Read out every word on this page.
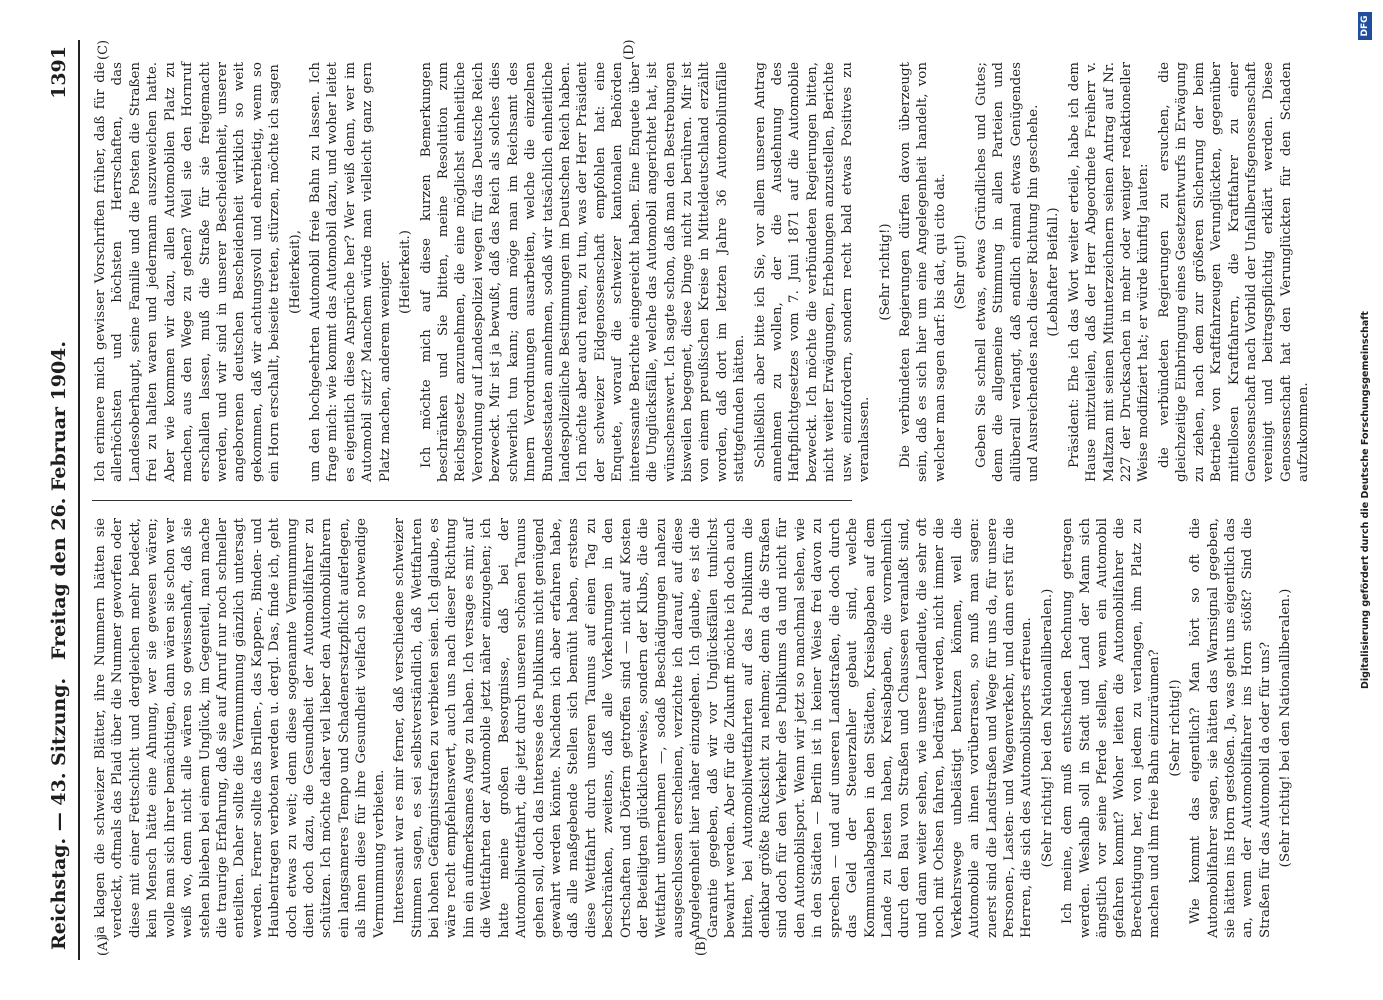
Reichstag. — 43. Sitzung.
Freitag den 26. Februar 1904.
1391
(A)	(B)
(C)	(D)

ja klagen die schweizer Blätter, ihre Nummern hätten sie verdeckt, oftmals das Plaid über die Nummer geworfen oder diese mit einer Fettschicht und dergleichen mehr bedeckt, kein Mensch hätte eine Ahnung, wer sie gewesen wären; wolle man sich ihrer bemächtigen, dann wären sie schon wer weiß wo, denn nicht alle wären so gewissenhaft, daß sie stehen blieben bei einem Unglück, im Gegenteil, man mache die traurige Erfahrung, daß sie auf Anruf nur noch schneller enteilten. Daher sollte die Vermummung gänzlich untersagt werden. Ferner sollte das Brillen-, das Kappen-, Binden- und Haubentragen verboten werden u. dergl. Das, finde ich, geht doch etwas zu weit; denn diese sogenannte Vermummung dient doch dazu, die Gesundheit der Automobilfahrer zu schützen. Ich möchte daher viel lieber den Automobilfahrern ein langsameres Tempo und Schadenersatzpflicht auferlegen, als ihnen diese für ihre Gesundheit vielfach so notwendige Vermummung verbieten. Interessant war es mir ferner, daß verschiedene schweizer Stimmen sagen, es sei selbstverständlich, daß Wettfahrten bei hohen Gefängnisstrafen zu verbieten seien. Ich glaube, es wäre recht empfehlenswert, auch uns nach dieser Richtung hin ein aufmerksames Auge zu haben. Ich versage es mir, auf die Wettfahrten der Automobile jetzt näher einzugehen; ich hatte meine großen Besorgnisse, daß bei der Automobilwettfahrt, die jetzt durch unseren schönen Taunus gehen soll, doch das Interesse des Publikums nicht genügend gewahrt werden könnte. Nachdem ich aber erfahren habe, daß alle maßgebende Stellen sich bemüht haben, erstens diese Wettfahrt durch unseren Taunus auf einen Tag zu beschränken, zweitens, daß alle Vorkehrungen in den Ortschaften und Dörfern getroffen sind — nicht auf Kosten der Beteiligten glücklicherweise, sondern der Klubs, die die Wettfahrt unternehmen —, sodaß Beschädigungen nahezu ausgeschlossen erscheinen, verzichte ich darauf, auf diese Angelegenheit hier näher einzugehen. Ich glaube, es ist die Garantie gegeben, daß wir vor Unglücksfällen tunlichst bewahrt werden. Aber für die Zukunft möchte ich doch auch bitten, bei Automobilwettfahrten auf das Publikum die denkbar größte Rücksicht zu nehmen; denn da die Straßen sind doch für den Verkehr des Publikums da und nicht für den Automobilsport. Wenn wir jetzt so manchmal sehen, wie in den Städten — Berlin ist in keiner Weise frei davon zu sprechen — und auf unseren Landstraßen, die doch durch das Geld der Steuerzahler gebaut sind, welche Kommunalabgaben in den Städten, Kreisabgaben auf dem Lande zu leisten haben, Kreisabgaben, die vornehmlich durch den Bau von Straßen und Chausseen veranlaßt sind, und dann weiter sehen, wie unsere Landleute, die sehr oft noch mit Ochsen fahren, bedrängt werden, nicht immer die Verkehrswege unbelästigt benutzen können, weil die Automobile an ihnen vorüberrasen, so muß man sagen: zuerst sind die Landstraßen und Wege für uns da, für unsere Personen-, Lasten- und Wagenverkehr, und dann erst für die Herren, die sich des Automobilsports erfreuen. (Sehr richtig! bei den Nationalliberalen.) Ich meine, dem muß entschieden Rechnung getragen werden. Weshalb soll in Stadt und Land der Mann sich ängstlich vor seine Pferde stellen, wenn ein Automobil gefahren kommt? Woher leiten die Automobilfahrer die Berechtigung her, von jedem zu verlangen, ihm Platz zu machen und ihm freie Bahn einzuräumen? (Sehr richtig!) Wie kommt das eigentlich? Man hört so oft die Automobilfahrer sagen, sie hätten das Warnsignal gegeben, sie hätten ins Horn gestoßen. Ja, was geht uns eigentlich das an, wenn der Automobilfahrer ins Horn stößt? Sind die Straßen für das Automobil da oder für uns? (Sehr richtig! bei den Nationalliberalen.)

Ich erinnere mich gewisser Vorschriften früher, daß für die allerhöchsten und höchsten Herrschaften, das Landesoberhaupt, seine Familie und die Posten die Straßen frei zu halten waren und jedermann auszuweichen hatte. Aber wie kommen wir dazu, allen Automobilen Platz zu machen, aus den Wege zu gehen? Weil sie den Hornruf erschallen lassen, muß die Straße für sie freigemacht werden, und wir sind in unserer Bescheidenheit, unserer angeborenen deutschen Bescheidenheit wirklich so weit gekommen, daß wir achtungsvoll und ehrerbietig, wenn so ein Horn erschallt, beiseite treten, stürzen, möchte ich sagen (Heiterkeit), um den hochgeehrten Automobil freie Bahn zu lassen. Ich frage mich: wie kommt das Automobil dazu, und woher leitet es eigentlich diese Ansprüche her? Wer weiß denn, wer im Automobil sitzt? Manchem würde man vielleicht ganz gern Platz machen, anderem weniger. (Heiterkeit.) Ich möchte mich auf diese kurzen Bemerkungen beschränken und Sie bitten, meine Resolution zum Reichsgesetz anzunehmen, die eine möglichst einheitliche Verordnung auf Landespolizei wegen für das Deutsche Reich bezweckt. Mir ist ja bewußt, daß das Reich als solches dies schwerlich tun kann; dann möge man im Reichsamt des Innern Verordnungen ausarbeiten, welche die einzelnen Bundesstaaten annehmen, sodaß wir tatsächlich einheitliche landespolizeiliche Bestimmungen im Deutschen Reich haben. Ich möchte aber auch raten, zu tun, was der Herr Präsident der schweizer Eidgenossenschaft empfohlen hat: eine Enquete, worauf die schweizer kantonalen Behörden interessante Berichte eingereicht haben. Eine Enquete über die Unglücksfälle, welche das Automobil angerichtet hat, ist wünschenswert. Ich sagte schon, daß man den Bestrebungen bisweilen begegnet, diese Dinge nicht zu berühren. Mir ist von einem preußischen Kreise in Mitteldeutschland erzählt worden, daß dort im letzten Jahre 36 Automobilunfälle stattgefunden hätten. Schließlich aber bitte ich Sie, vor allem unseren Antrag annehmen zu wollen, der die Ausdehnung des Haftpflichtgesetzes vom 7. Juni 1871 auf die Automobile bezweckt. Ich möchte die verbündeten Regierungen bitten, nicht weiter Erwägungen, Erhebungen anzustellen, Berichte usw. einzufordern, sondern recht bald etwas Positives zu veranlassen.

(Sehr richtig!) Die verbündeten Regierungen dürfen davon überzeugt sein, daß es sich hier um eine Angelegenheit handelt, von welcher man sagen darf: bis dat, qui cito dat. (Sehr gut!) Geben Sie schnell etwas, etwas Gründliches und Gutes; denn die allgemeine Stimmung in allen Parteien und allüberall verlangt, daß endlich einmal etwas Genügendes und Ausreichendes nach dieser Richtung hin geschehe. (Lebhafter Beifall.) Präsident: Ehe ich das Wort weiter erteile, habe ich dem Hause mitzuteilen, daß der Herr Abgeordnete Freiherr v. Maltzan mit seinen Mitunterzeichnern seinen Antrag auf Nr. 227 der Drucksachen in mehr oder weniger redaktioneller Weise modifiziert hat; er würde künftig lauten: die verbündeten Regierungen zu ersuchen, die gleichzeitige Einbringung eines Gesetzentwurfs in Erwägung zu ziehen, nach dem zur größeren Sicherung der beim Betriebe von Kraftfahrzeugen Verunglückten, gegenüber mittellosen Kraftfahrern, die Kraftfahrer zu einer Genossenschaft nach Vorbild der Unfallberufsgenossenschaft vereinigt und beitragspflichtig erklärt werden. Diese Genossenschaft hat den Verunglückten für den Schaden aufzukommen.	Digitalisierung gefördert durch die Deutsche Forschungsgemeinschaft
DFG
